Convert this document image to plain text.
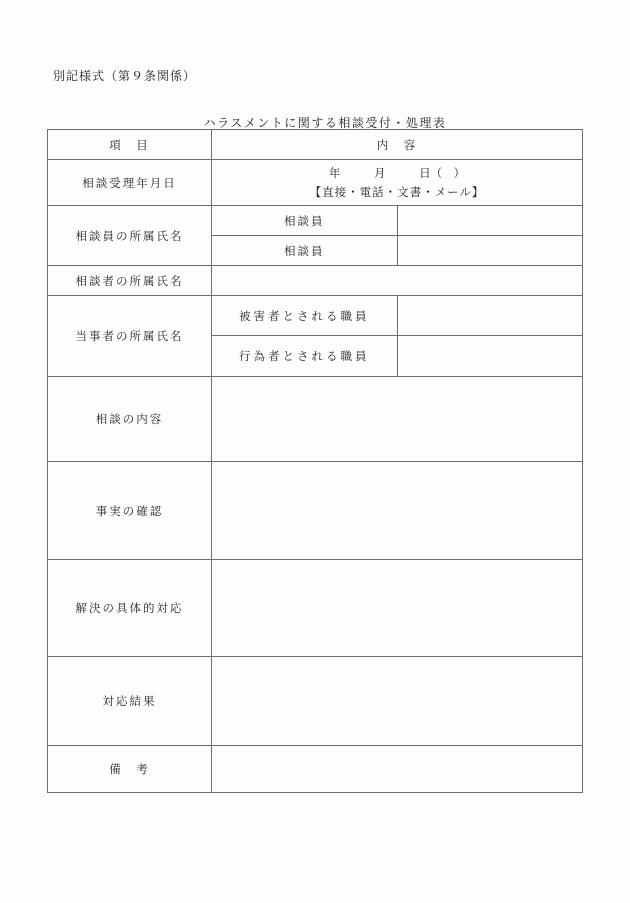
別記様式（第９条関係）
ハラスメントに関する相談受付・処理表
項　目	内　容	
相談受理年月日	年 月 日（　）
【直接・電話・文書・メール】	

相談員の所属氏名	相談員	
	相談員	
相談者の所属氏名		
当事者の所属氏名	被害者とされる職員	
	行為者とされる職員	
相談の内容		
事実の確認		
解決の具体的対応		
対応結果		
備　考		
